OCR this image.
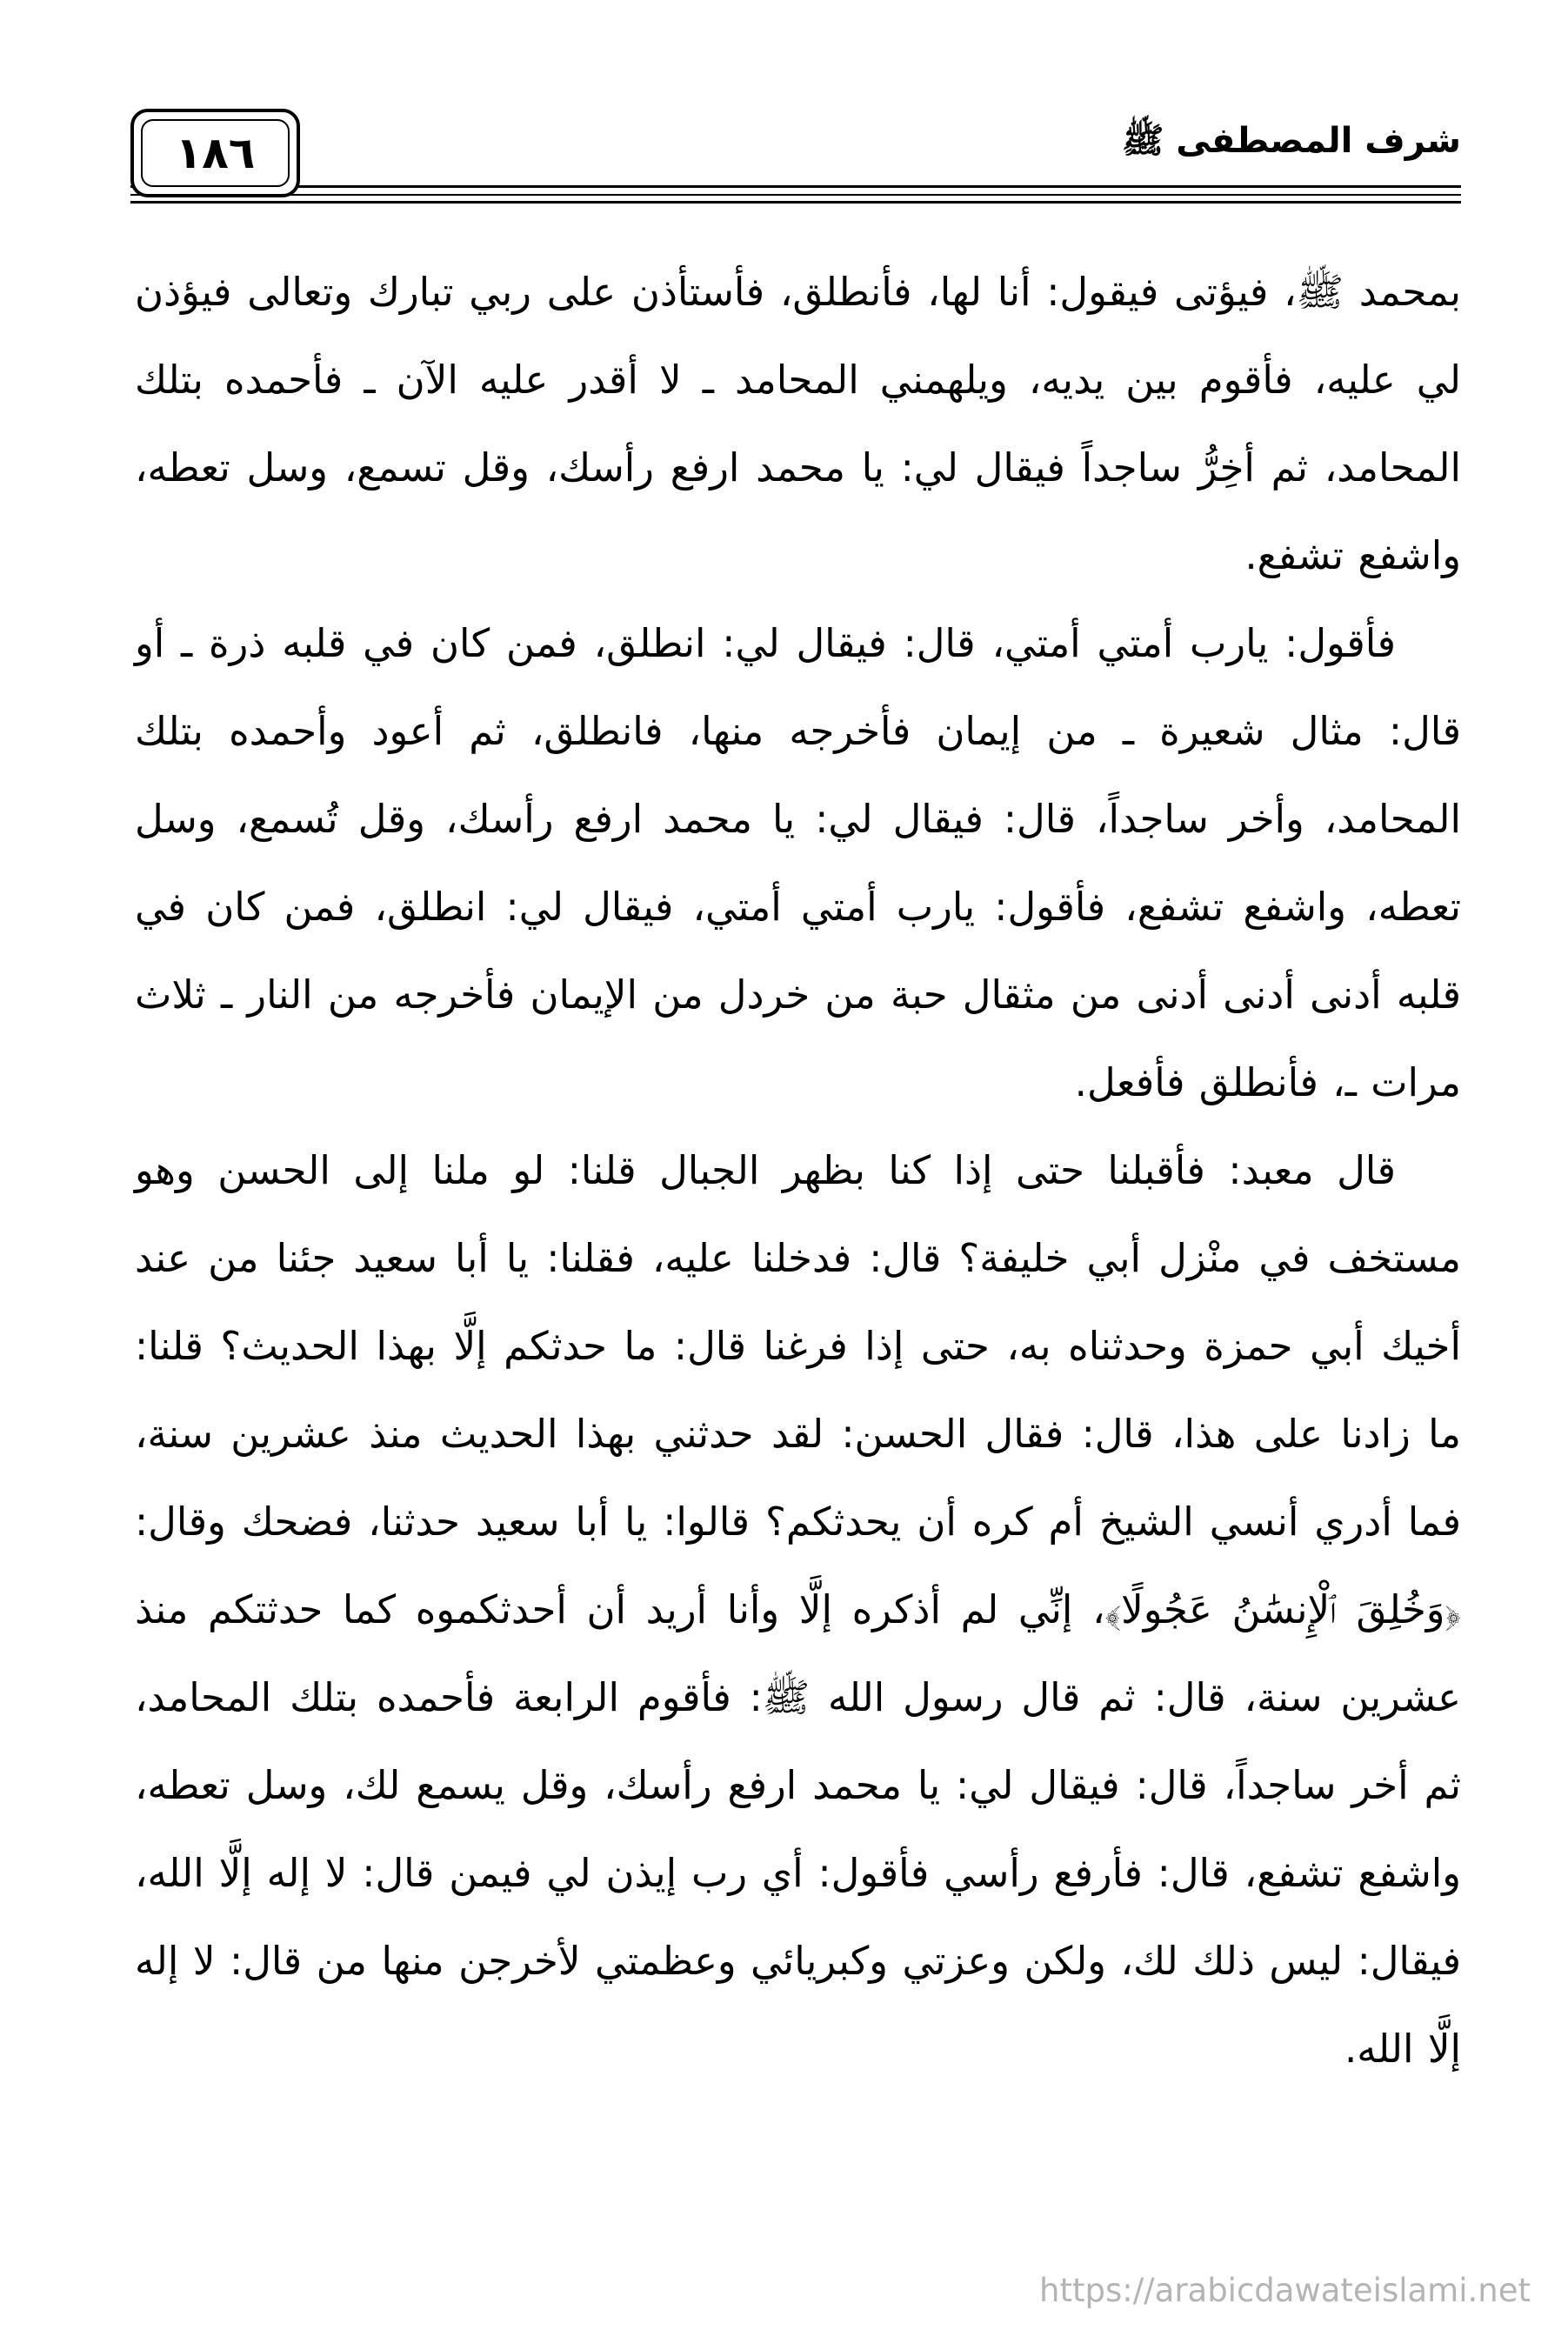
١٨٦	شرف المصطفى ﷺ

بمحمد ﷺ، فيؤتى فيقول: أنا لها، فأنطلق، فأستأذن على ربي تبارك وتعالى فيؤذن لي عليه، فأقوم بين يديه، ويلهمني المحامد ـ لا أقدر عليه الآن ـ فأحمده بتلك المحامد، ثم أخِرُّ ساجداً فيقال لي: يا محمد ارفع رأسك، وقل تسمع، وسل تعطه، واشفع تشفع.

فأقول: يارب أمتي أمتي، قال: فيقال لي: انطلق، فمن كان في قلبه ذرة ـ أو قال: مثال شعيرة ـ من إيمان فأخرجه منها، فانطلق، ثم أعود وأحمده بتلك المحامد، وأخر ساجداً، قال: فيقال لي: يا محمد ارفع رأسك، وقل تُسمع، وسل تعطه، واشفع تشفع، فأقول: يارب أمتي أمتي، فيقال لي: انطلق، فمن كان في قلبه أدنى أدنى أدنى من مثقال حبة من خردل من الإيمان فأخرجه من النار ـ ثلاث مرات ـ، فأنطلق فأفعل.

قال معبد: فأقبلنا حتى إذا كنا بظهر الجبال قلنا: لو ملنا إلى الحسن وهو مستخف في منْزل أبي خليفة؟ قال: فدخلنا عليه، فقلنا: يا أبا سعيد جئنا من عند أخيك أبي حمزة وحدثناه به، حتى إذا فرغنا قال: ما حدثكم إلَّا بهذا الحديث؟ قلنا: ما زادنا على هذا، قال: فقال الحسن: لقد حدثني بهذا الحديث منذ عشرين سنة، فما أدري أنسي الشيخ أم كره أن يحدثكم؟ قالوا: يا أبا سعيد حدثنا، فضحك وقال: ﴿وَخُلِقَ ٱلْإِنسَٰنُ عَجُولًا﴾، إنِّي لم أذكره إلَّا وأنا أريد أن أحدثكموه كما حدثتكم منذ عشرين سنة، قال: ثم قال رسول الله ﷺ: فأقوم الرابعة فأحمده بتلك المحامد، ثم أخر ساجداً، قال: فيقال لي: يا محمد ارفع رأسك، وقل يسمع لك، وسل تعطه، واشفع تشفع، قال: فأرفع رأسي فأقول: أي رب إيذن لي فيمن قال: لا إله إلَّا الله، فيقال: ليس ذلك لك، ولكن وعزتي وكبريائي وعظمتي لأخرجن منها من قال: لا إله إلَّا الله.

https://arabicdawateislami.net
